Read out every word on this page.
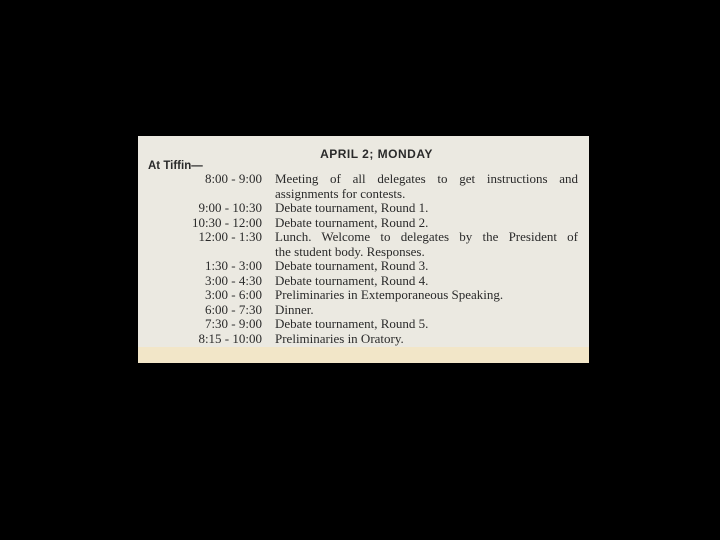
APRIL 2; MONDAY
At Tiffin—
8:00 - 9:00 Meeting of all delegates to get instructions and
assignments for contests.
9:00 - 10:30 Debate tournament, Round 1.
10:30 - 12:00 Debate tournament, Round 2.
12:00 - 1:30 Lunch. Welcome to delegates by the President of
the student body. Responses.
1:30 - 3:00 Debate tournament, Round 3.
3:00 - 4:30 Debate tournament, Round 4.
3:00 - 6:00 Preliminaries in Extemporaneous Speaking.
6:00 - 7:30 Dinner.
7:30 - 9:00 Debate tournament, Round 5.
8:15 - 10:00 Preliminaries in Oratory.
